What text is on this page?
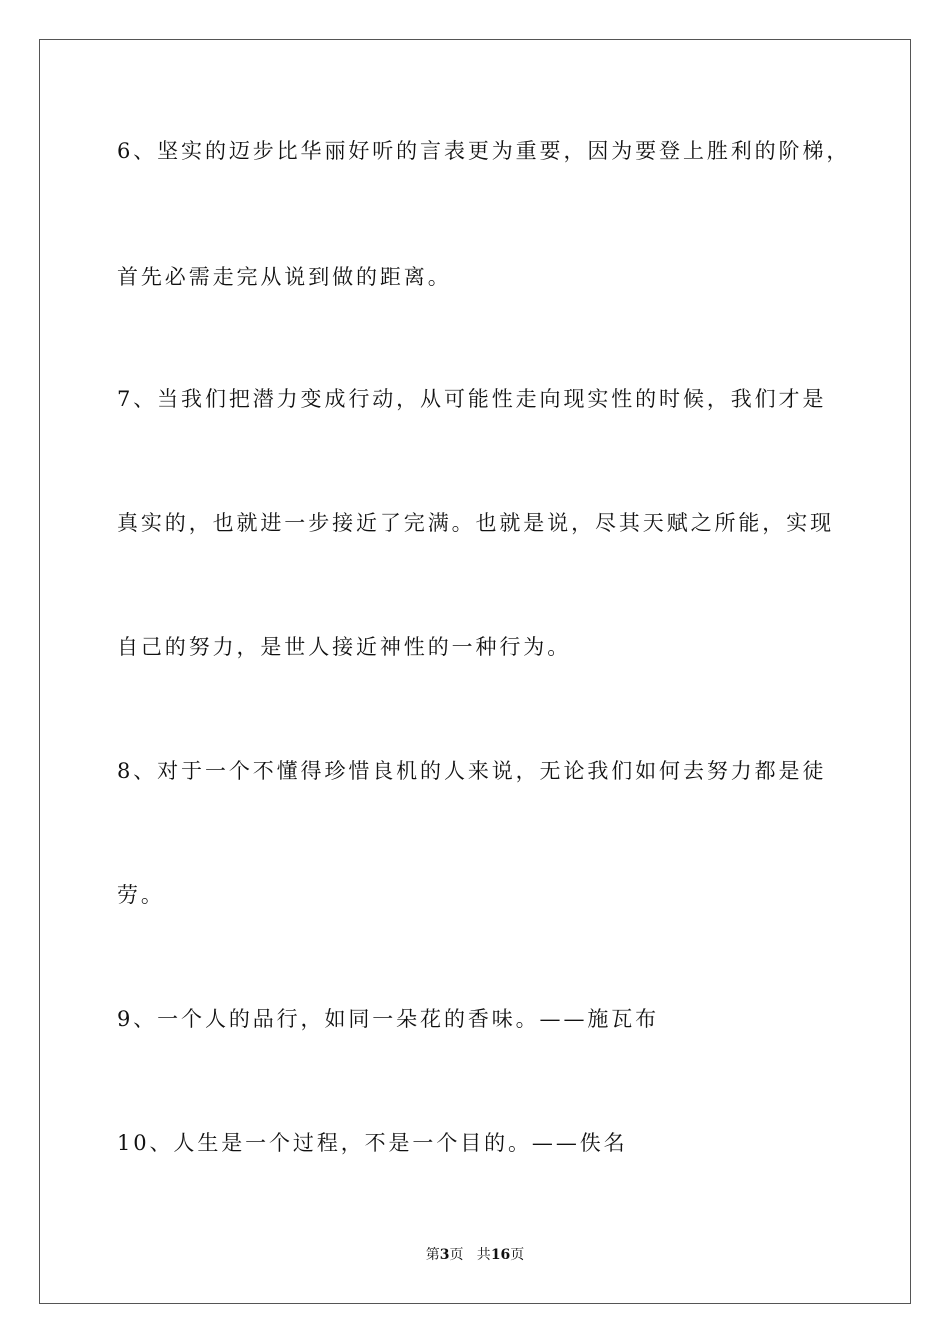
6、坚实的迈步比华丽好听的言表更为重要，因为要登上胜利的阶梯，
首先必需走完从说到做的距离。
7、当我们把潜力变成行动，从可能性走向现实性的时候，我们才是
真实的，也就进一步接近了完满。也就是说，尽其天赋之所能，实现
自己的努力，是世人接近神性的一种行为。
8、对于一个不懂得珍惜良机的人来说，无论我们如何去努力都是徒
劳。
9、一个人的品行，如同一朵花的香味。——施瓦布
10、人生是一个过程，不是一个目的。——佚名
第3页   共16页
